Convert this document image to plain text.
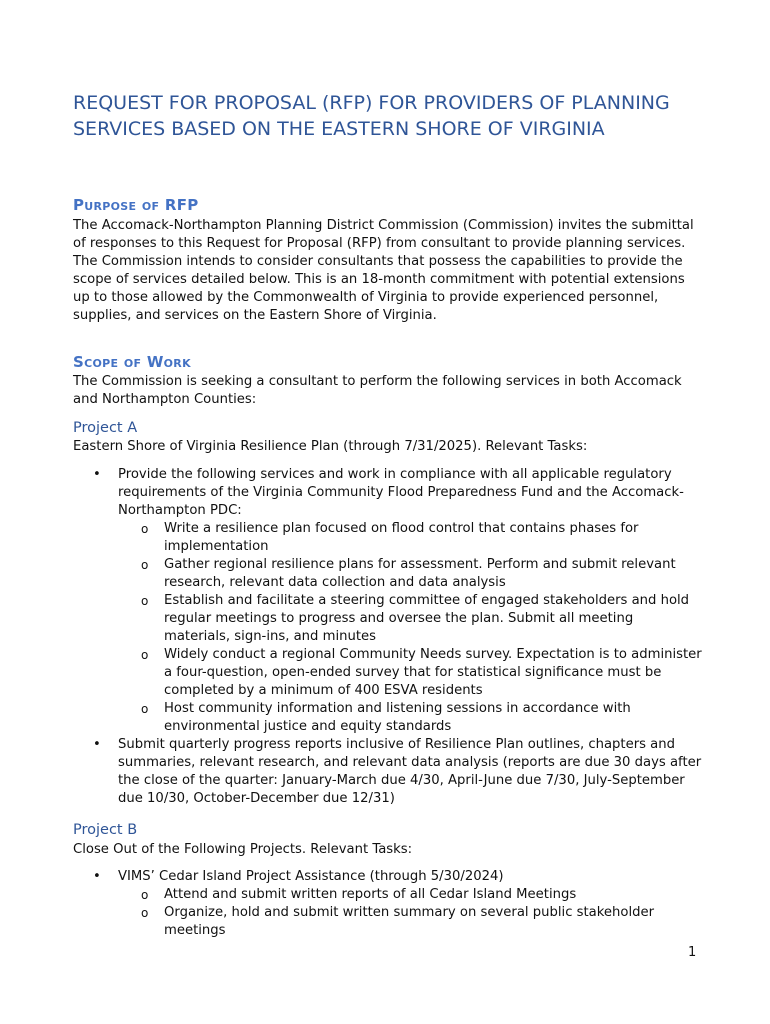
REQUEST FOR PROPOSAL (RFP) FOR PROVIDERS OF PLANNING SERVICES BASED ON THE EASTERN SHORE OF VIRGINIA
Purpose of RFP

The Accomack-Northampton Planning District Commission (Commission) invites the submittal of responses to this Request for Proposal (RFP) from consultant to provide planning services. The Commission intends to consider consultants that possess the capabilities to provide the scope of services detailed below. This is an 18-month commitment with potential extensions up to those allowed by the Commonwealth of Virginia to provide experienced personnel, supplies, and services on the Eastern Shore of Virginia.

Scope of Work

The Commission is seeking a consultant to perform the following services in both Accomack and Northampton Counties:

Project A

Eastern Shore of Virginia Resilience Plan (through 7/31/2025). Relevant Tasks:

• Provide the following services and work in compliance with all applicable regulatory requirements of the Virginia Community Flood Preparedness Fund and the Accomack-Northampton PDC:
o Write a resilience plan focused on flood control that contains phases for implementation
o Gather regional resilience plans for assessment. Perform and submit relevant research, relevant data collection and data analysis
o Establish and facilitate a steering committee of engaged stakeholders and hold regular meetings to progress and oversee the plan. Submit all meeting materials, sign-ins, and minutes
o Widely conduct a regional Community Needs survey. Expectation is to administer a four-question, open-ended survey that for statistical significance must be completed by a minimum of 400 ESVA residents
o Host community information and listening sessions in accordance with environmental justice and equity standards
• Submit quarterly progress reports inclusive of Resilience Plan outlines, chapters and summaries, relevant research, and relevant data analysis (reports are due 30 days after the close of the quarter: January-March due 4/30, April-June due 7/30, July-September due 10/30, October-December due 12/31)
Project B

Close Out of the Following Projects. Relevant Tasks:

• VIMS’ Cedar Island Project Assistance (through 5/30/2024)
o Attend and submit written reports of all Cedar Island Meetings
o Organize, hold and submit written summary on several public stakeholder meetings
1
